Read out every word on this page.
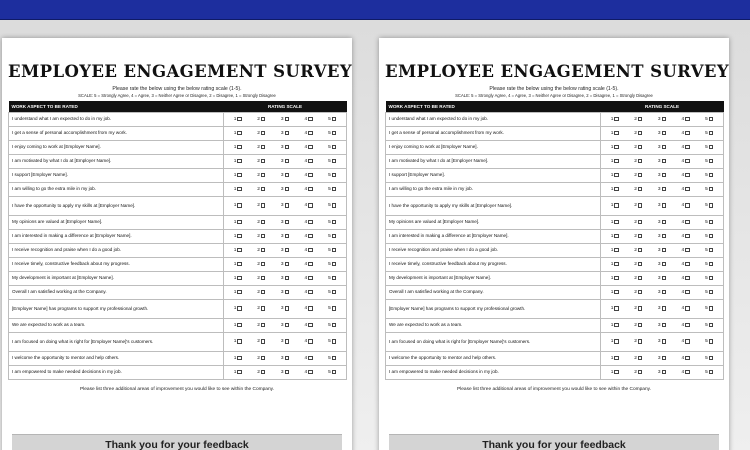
EMPLOYEE ENGAGEMENT SURVEY
Please rate the below using the below rating scale (1-5).
SCALE: 5 = Strongly Agree, 4 = Agree, 3 = Neither Agree or Disagree, 2 = Disagree, 1 = Strongly Disagree
WORK ASPECT TO BE RATED	RATING SCALE
I understand what I am expected to do in my job.	1 2 3 4 5

I get a sense of personal accomplishment from my work.	1 2 3 4 5

I enjoy coming to work at [Employer Name].	1 2 3 4 5

I am motivated by what I do at [Employer Name].	1 2 3 4 5

I support [Employer Name].	1 2 3 4 5

I am willing to go the extra mile in my job.	1 2 3 4 5

I have the opportunity to apply my skills at [Employer Name].	1 2 3 4 5

My opinions are valued at [Employer Name].	1 2 3 4 5

I am interested in making a difference at [Employer Name].	1 2 3 4 5

I receive recognition and praise when I do a good job.	1 2 3 4 5

I receive timely, constructive feedback about my progress.	1 2 3 4 5

My development is important at [Employer Name].	1 2 3 4 5

Overall I am satisfied working at the Company.	1 2 3 4 5

[Employer Name] has programs to support my professional growth.	1 2 3 4 5

We are expected to work as a team.	1 2 3 4 5

I am focused on doing what is right for [Employer Name]'s customers.	1 2 3 4 5

I welcome the opportunity to mentor and help others.	1 2 3 4 5

I am empowered to make needed decisions in my job.	1 2 3 4 5
Please list three additional areas of improvement you would like to see within the Company.
Thank you for your feedback
EMPLOYEE ENGAGEMENT SURVEY
Please rate the below using the below rating scale (1-5).
SCALE: 5 = Strongly Agree, 4 = Agree, 3 = Neither Agree or Disagree, 2 = Disagree, 1 = Strongly Disagree
WORK ASPECT TO BE RATED	RATING SCALE
I understand what I am expected to do in my job.	1 2 3 4 5

I get a sense of personal accomplishment from my work.	1 2 3 4 5

I enjoy coming to work at [Employer Name].	1 2 3 4 5

I am motivated by what I do at [Employer Name].	1 2 3 4 5

I support [Employer Name].	1 2 3 4 5

I am willing to go the extra mile in my job.	1 2 3 4 5

I have the opportunity to apply my skills at [Employer Name].	1 2 3 4 5

My opinions are valued at [Employer Name].	1 2 3 4 5

I am interested in making a difference at [Employer Name].	1 2 3 4 5

I receive recognition and praise when I do a good job.	1 2 3 4 5

I receive timely, constructive feedback about my progress.	1 2 3 4 5

My development is important at [Employer Name].	1 2 3 4 5

Overall I am satisfied working at the Company.	1 2 3 4 5

[Employer Name] has programs to support my professional growth.	1 2 3 4 5

We are expected to work as a team.	1 2 3 4 5

I am focused on doing what is right for [Employer Name]'s customers.	1 2 3 4 5

I welcome the opportunity to mentor and help others.	1 2 3 4 5

I am empowered to make needed decisions in my job.	1 2 3 4 5
Please list three additional areas of improvement you would like to see within the Company.
Thank you for your feedback
